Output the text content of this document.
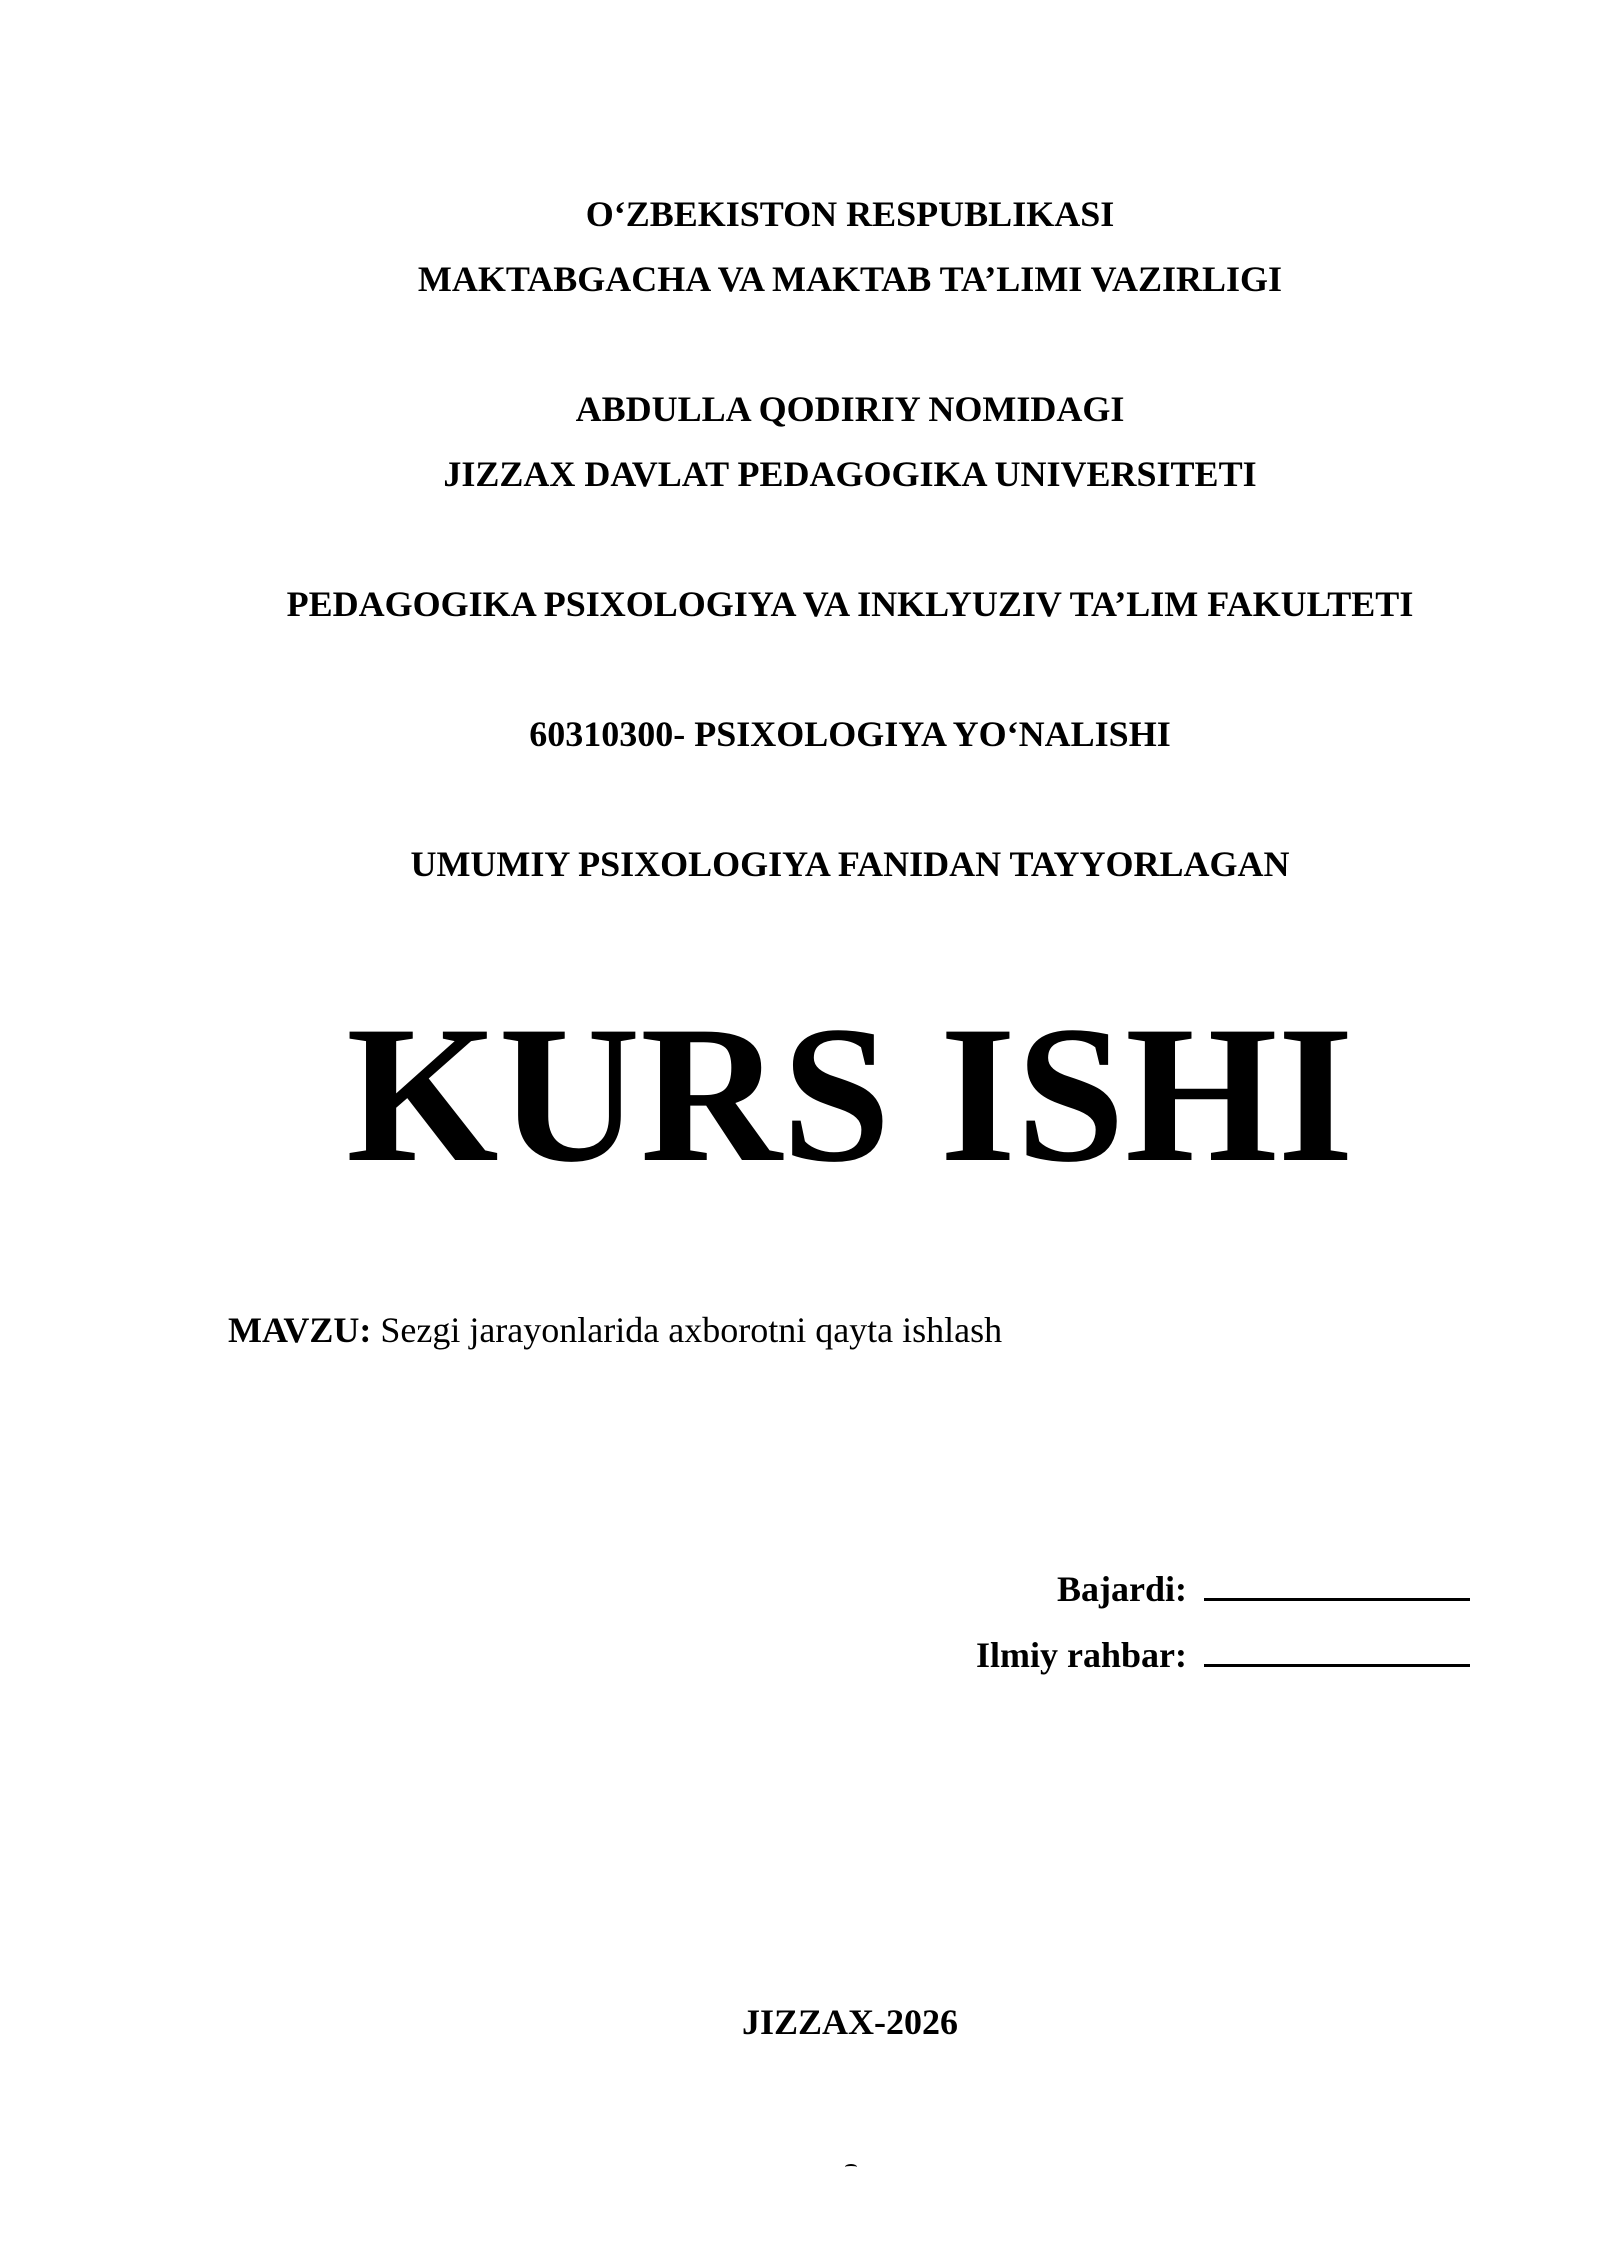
O‘ZBEKISTON RESPUBLIKASI
MAKTABGACHA VA MAKTAB TA’LIMI VAZIRLIGI
ABDULLA QODIRIY NOMIDAGI
JIZZAX DAVLAT PEDAGOGIKA UNIVERSITETI
PEDAGOGIKA PSIXOLOGIYA VA INKLYUZIV TA’LIM FAKULTETI
60310300- PSIXOLOGIYA YO‘NALISHI
UMUMIY PSIXOLOGIYA FANIDAN TAYYORLAGAN
KURS ISHI
MAVZU: Sezgi jarayonlarida axborotni qayta ishlash
Bajardi:
Ilmiy rahbar:
JIZZAX-2026
